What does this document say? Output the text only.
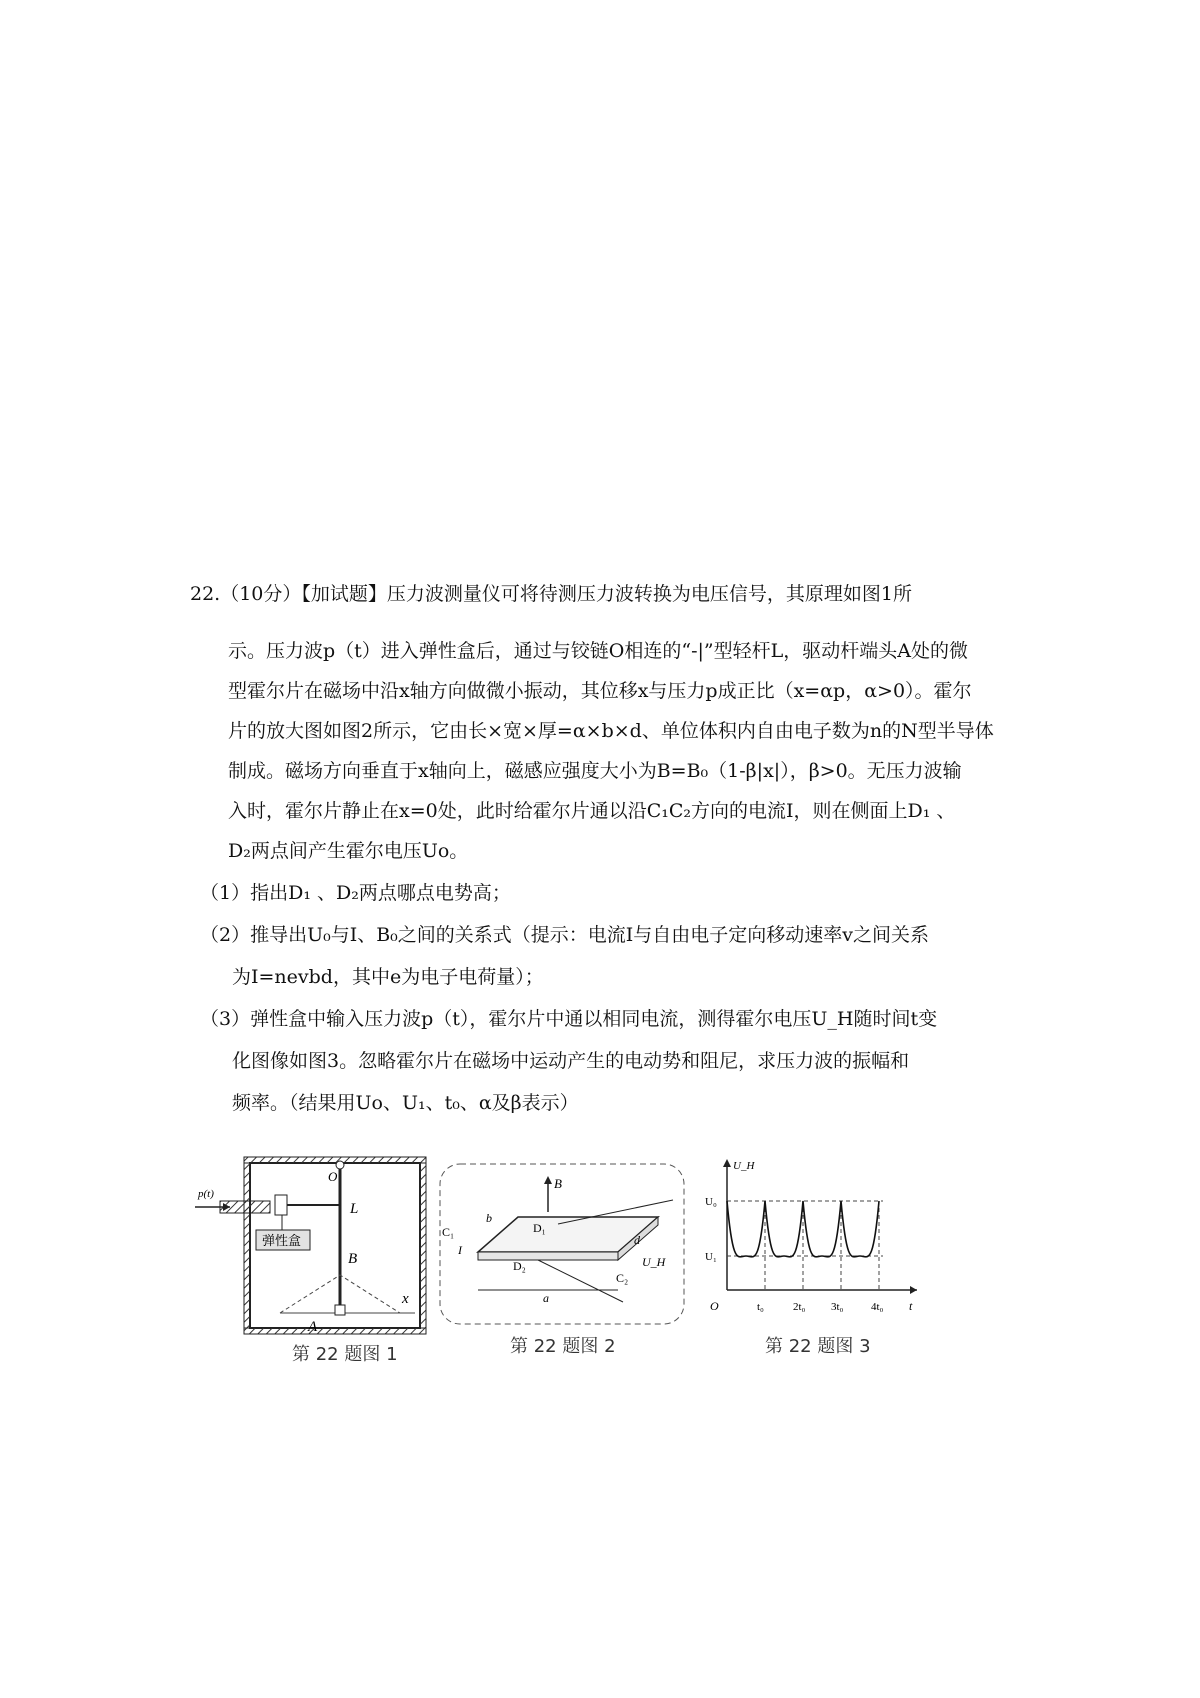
22.（10分）【加试题】压力波测量仪可将待测压力波转换为电压信号，其原理如图1所
示。压力波p（t）进入弹性盒后，通过与铰链O相连的“-|”型轻杆L，驱动杆端头A处的微
型霍尔片在磁场中沿x轴方向做微小振动，其位移x与压力p成正比（x=αp，α>0）。霍尔
片的放大图如图2所示，它由长×宽×厚=α×b×d、单位体积内自由电子数为n的N型半导体
制成。磁场方向垂直于x轴向上，磁感应强度大小为B=B₀（1-β|x|），β>0。无压力波输
入时，霍尔片静止在x=0处，此时给霍尔片通以沿C₁C₂方向的电流I，则在侧面上D₁ 、
D₂两点间产生霍尔电压Uo。
（1）指出D₁ 、D₂两点哪点电势高；
（2）推导出U₀与I、B₀之间的关系式（提示：电流I与自由电子定向移动速率v之间关系
为I=nevbd，其中e为电子电荷量）；
（3）弹性盒中输入压力波p（t），霍尔片中通以相同电流，测得霍尔电压U_H随时间t变
化图像如图3。忽略霍尔片在磁场中运动产生的电动势和阻尼，求压力波的振幅和
频率。（结果用Uo、U₁、t₀、α及β表示）
p(t)
弹性盒
O
L
B
x
A
第 22 题图 1
B
b
d
C₁
I
D₁
D₂
C₂
U_H
a
第 22 题图 2
U_H
U₀
U₁
O	t₀	2t₀ 3t₀	4t₀ t
第 22 题图 3
